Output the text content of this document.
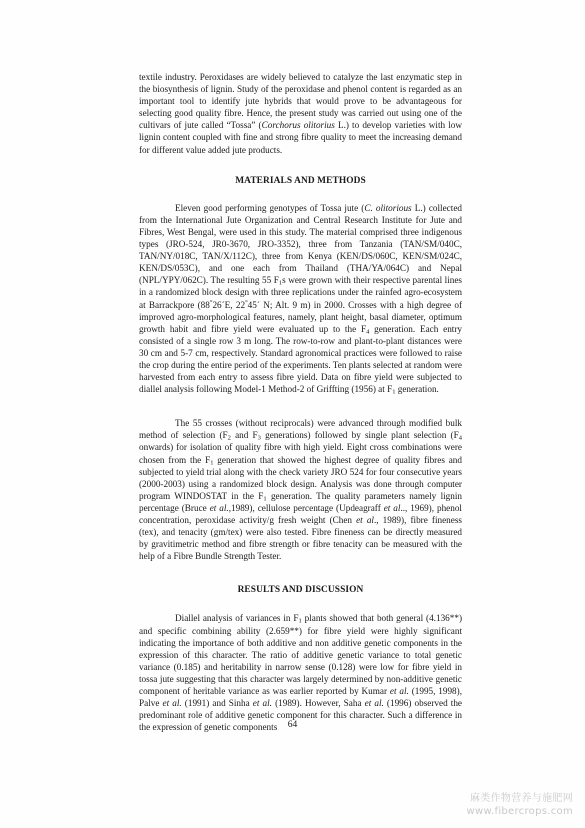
textile industry. Peroxidases are widely believed to catalyze the last enzymatic step in the biosynthesis of lignin. Study of the peroxidase and phenol content is regarded as an important tool to identify jute hybrids that would prove to be advantageous for selecting good quality fibre. Hence, the present study was carried out using one of the cultivars of jute called “Tossa” (Corchorus olitorius L.) to develop varieties with low lignin content coupled with fine and strong fibre quality to meet the increasing demand for different value added jute products.

MATERIALS AND METHODS

Eleven good performing genotypes of Tossa jute (C. olitorious L.) collected from the International Jute Organization and Central Research Institute for Jute and Fibres, West Bengal, were used in this study. The material comprised three indigenous types (JRO-524, JR0-3670, JRO-3352), three from Tanzania (TAN/SM/040C, TAN/NY/018C, TAN/X/112C), three from Kenya (KEN/DS/060C, KEN/SM/024C, KEN/DS/053C), and one each from Thailand (THA/YA/064C) and Nepal (NPL/YPY/062C). The resulting 55 $F_1s$ were grown with their respective parental lines in a randomized block design with three replications under the rainfed agro-ecosystem at Barrackpore (88°26´E, 22°45´ N; Alt. 9 m) in 2000. Crosses with a high degree of improved agro-morphological features, namely, plant height, basal diameter, optimum growth habit and fibre yield were evaluated up to the $F_4$ generation. Each entry consisted of a single row 3 m long. The row-to-row and plant-to-plant distances were 30 cm and 5-7 cm, respectively. Standard agronomical practices were followed to raise the crop during the entire period of the experiments. Ten plants selected at random were harvested from each entry to assess fibre yield. Data on fibre yield were subjected to diallel analysis following Model-1 Method-2 of Griffting (1956) at $F_1$ generation.

The 55 crosses (without reciprocals) were advanced through modified bulk method of selection ($F_2$ and $F_3$ generations) followed by single plant selection ($F_4$ onwards) for isolation of quality fibre with high yield. Eight cross combinations were chosen from the $F_1$ generation that showed the highest degree of quality fibres and subjected to yield trial along with the check variety JRO 524 for four consecutive years (2000-2003) using a randomized block design. Analysis was done through computer program WINDOSTAT in the $F_1$ generation. The quality parameters namely lignin percentage (Bruce et al.,1989), cellulose percentage (Updeagraff et al.., 1969), phenol concentration, peroxidase activity/g fresh weight (Chen et al., 1989), fibre fineness (tex), and tenacity (gm/tex) were also tested. Fibre fineness can be directly measured by gravitimetric method and fibre strength or fibre tenacity can be measured with the help of a Fibre Bundle Strength Tester.

RESULTS AND DISCUSSION

Diallel analysis of variances in $F_1$ plants showed that both general (4.136**) and specific combining ability (2.659**) for fibre yield were highly significant indicating the importance of both additive and non additive genetic components in the expression of this character. The ratio of additive genetic variance to total genetic variance (0.185) and heritability in narrow sense (0.128) were low for fibre yield in tossa jute suggesting that this character was largely determined by non-additive genetic component of heritable variance as was earlier reported by Kumar et al. (1995, 1998), Palve et al. (1991) and Sinha et al. (1989). However, Saha et al. (1996) observed the predominant role of additive genetic component for this character. Such a difference in the expression of genetic components	64
麻类作物营养与施肥网
www.fibercrops.com
